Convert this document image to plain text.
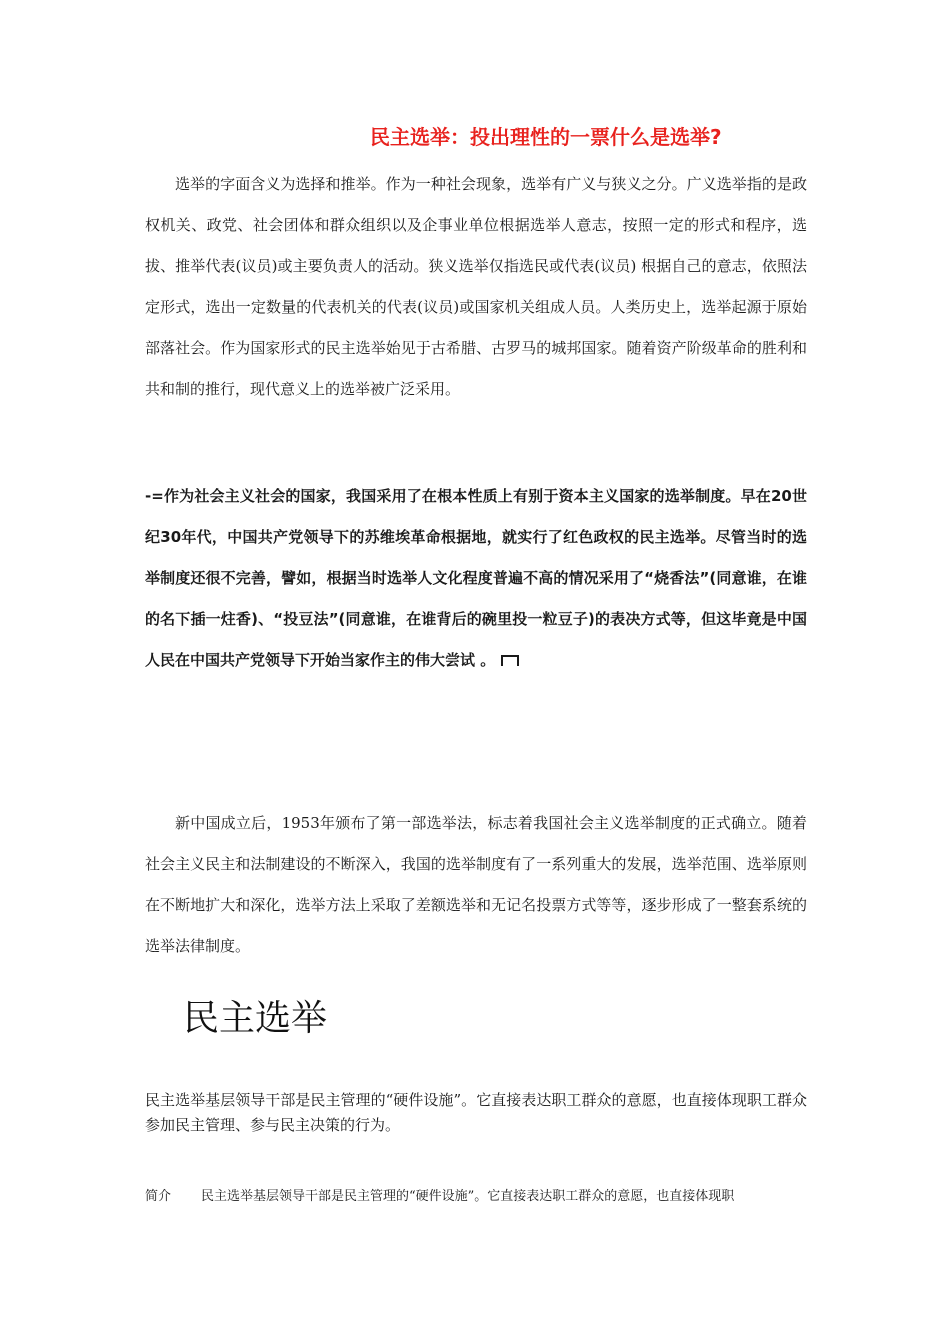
民主选举：投出理性的一票什么是选举?
选举的字面含义为选择和推举。作为一种社会现象，选举有广义与狭义之分。广义选举指的是政权机关、政党、社会团体和群众组织以及企事业单位根据选举人意志，按照一定的形式和程序，选拔、推举代表(议员)或主要负责人的活动。狭义选举仅指选民或代表(议员) 根据自己的意志，依照法定形式，选出一定数量的代表机关的代表(议员)或国家机关组成人员。人类历史上，选举起源于原始部落社会。作为国家形式的民主选举始见于古希腊、古罗马的城邦国家。随着资产阶级革命的胜利和共和制的推行，现代意义上的选举被广泛采用。
-=作为社会主义社会的国家，我国采用了在根本性质上有别于资本主义国家的选举制度。早在20世纪30年代，中国共产党领导下的苏维埃革命根据地，就实行了红色政权的民主选举。尽管当时的选举制度还很不完善，譬如，根据当时选举人文化程度普遍不高的情况采用了“烧香法”(同意谁，在谁的名下插一炷香)、“投豆法”(同意谁，在谁背后的碗里投一粒豆子)的表决方式等，但这毕竟是中国人民在中国共产党领导下开始当家作主的伟大尝试 。
新中国成立后，1953年颁布了第一部选举法，标志着我国社会主义选举制度的正式确立。随着社会主义民主和法制建设的不断深入，我国的选举制度有了一系列重大的发展，选举范围、选举原则在不断地扩大和深化，选举方法上采取了差额选举和无记名投票方式等等，逐步形成了一整套系统的选举法律制度。
民主选举
民主选举基层领导干部是民主管理的“硬件设施”。它直接表达职工群众的意愿，也直接体现职工群众参加民主管理、参与民主决策的行为。
简介 民主选举基层领导干部是民主管理的“硬件设施”。它直接表达职工群众的意愿，也直接体现职
